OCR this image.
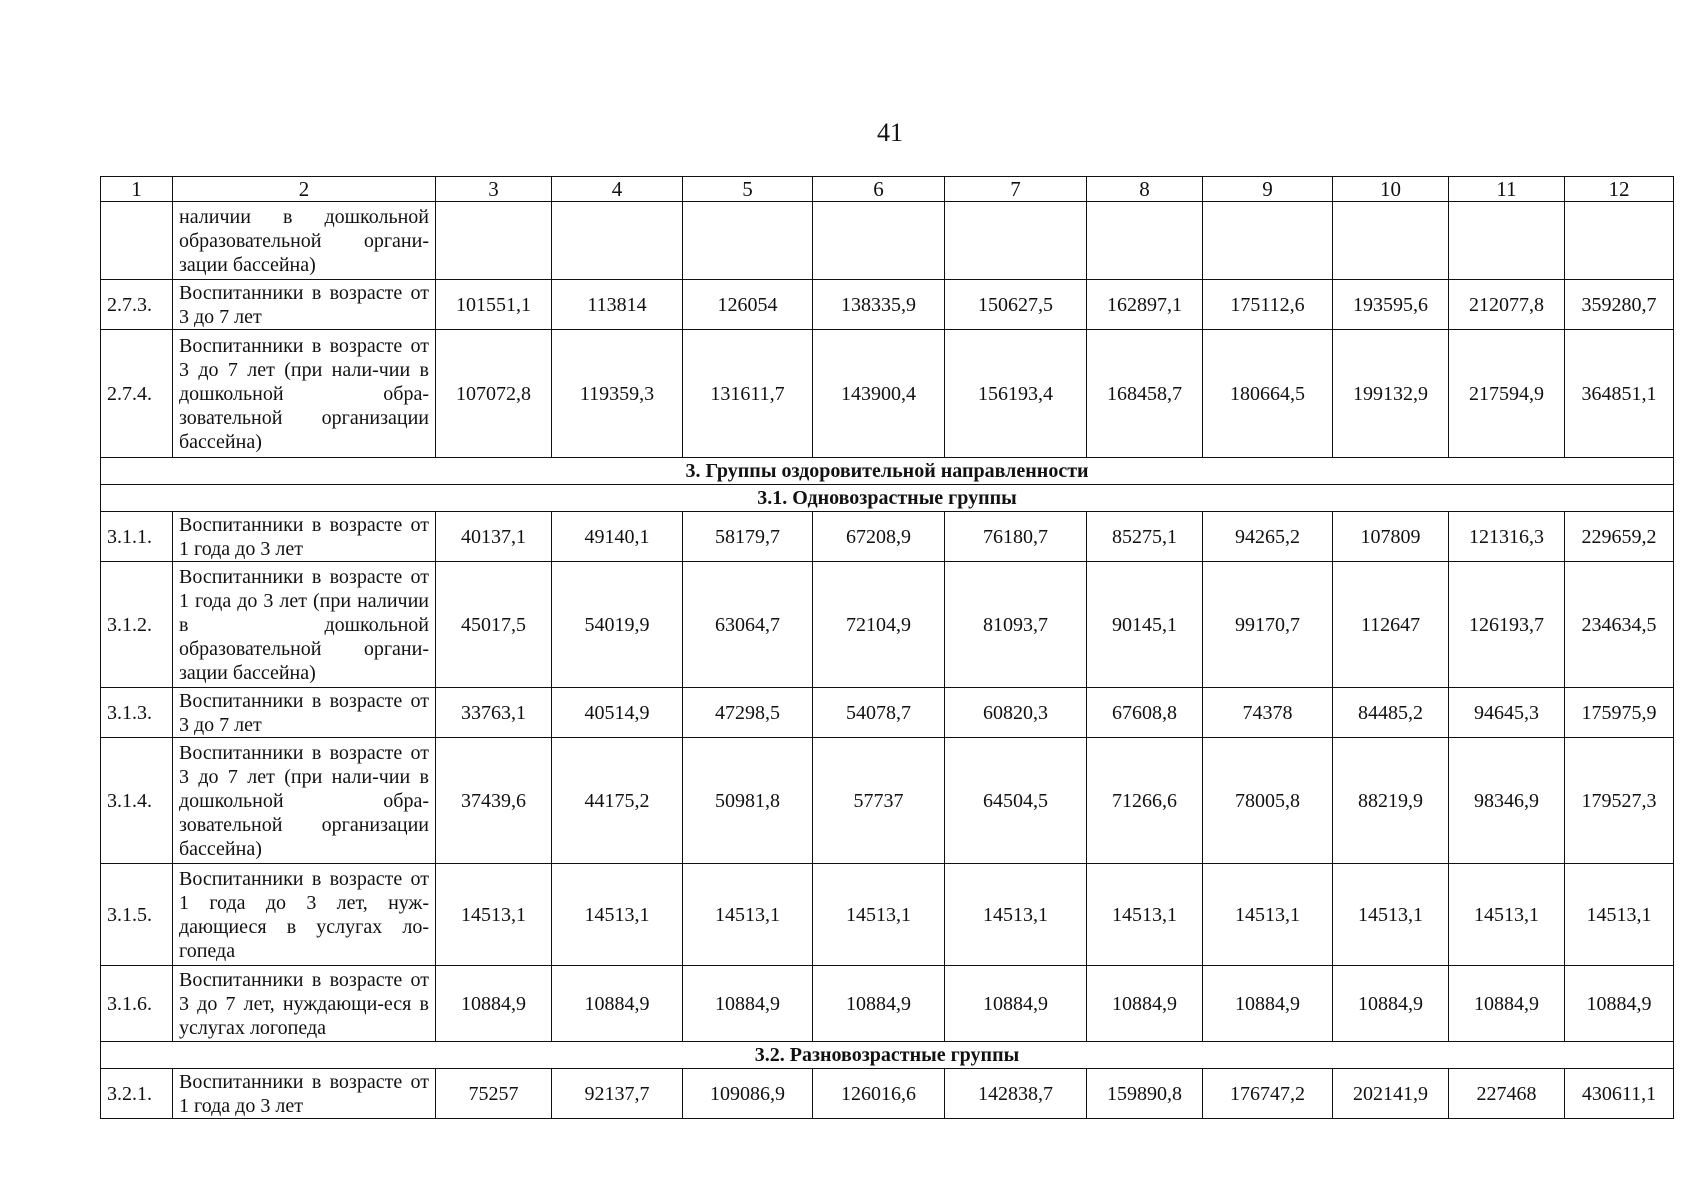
41
1	2	3	4	5	6	7	8	9	10	11	12
	наличии в дошкольной образовательной органи-зации бассейна)										
2.7.3.	Воспитанники в возрасте от 3 до 7 лет	101551,1	113814	126054	138335,9	150627,5	162897,1	175112,6	193595,6	212077,8	359280,7
2.7.4.	Воспитанники в возрасте от 3 до 7 лет (при нали-чии в дошкольной обра-зовательной организации бассейна)	107072,8	119359,3	131611,7	143900,4	156193,4	168458,7	180664,5	199132,9	217594,9	364851,1
3. Группы оздоровительной направленности											
3.1. Одновозрастные группы											
3.1.1.	Воспитанники в возрасте от 1 года до 3 лет	40137,1	49140,1	58179,7	67208,9	76180,7	85275,1	94265,2	107809	121316,3	229659,2
3.1.2.	Воспитанники в возрасте от 1 года до 3 лет (при наличии в дошкольной образовательной органи-зации бассейна)	45017,5	54019,9	63064,7	72104,9	81093,7	90145,1	99170,7	112647	126193,7	234634,5
3.1.3.	Воспитанники в возрасте от 3 до 7 лет	33763,1	40514,9	47298,5	54078,7	60820,3	67608,8	74378	84485,2	94645,3	175975,9
3.1.4.	Воспитанники в возрасте от 3 до 7 лет (при нали-чии в дошкольной обра-зовательной организации бассейна)	37439,6	44175,2	50981,8	57737	64504,5	71266,6	78005,8	88219,9	98346,9	179527,3
3.1.5.	Воспитанники в возрасте от 1 года до 3 лет, нуж-дающиеся в услугах ло-гопеда	14513,1	14513,1	14513,1	14513,1	14513,1	14513,1	14513,1	14513,1	14513,1	14513,1
3.1.6.	Воспитанники в возрасте от 3 до 7 лет, нуждающи-еся в услугах логопеда	10884,9	10884,9	10884,9	10884,9	10884,9	10884,9	10884,9	10884,9	10884,9	10884,9
3.2. Разновозрастные группы											
3.2.1.	Воспитанники в возрасте от 1 года до 3 лет	75257	92137,7	109086,9	126016,6	142838,7	159890,8	176747,2	202141,9	227468	430611,1
